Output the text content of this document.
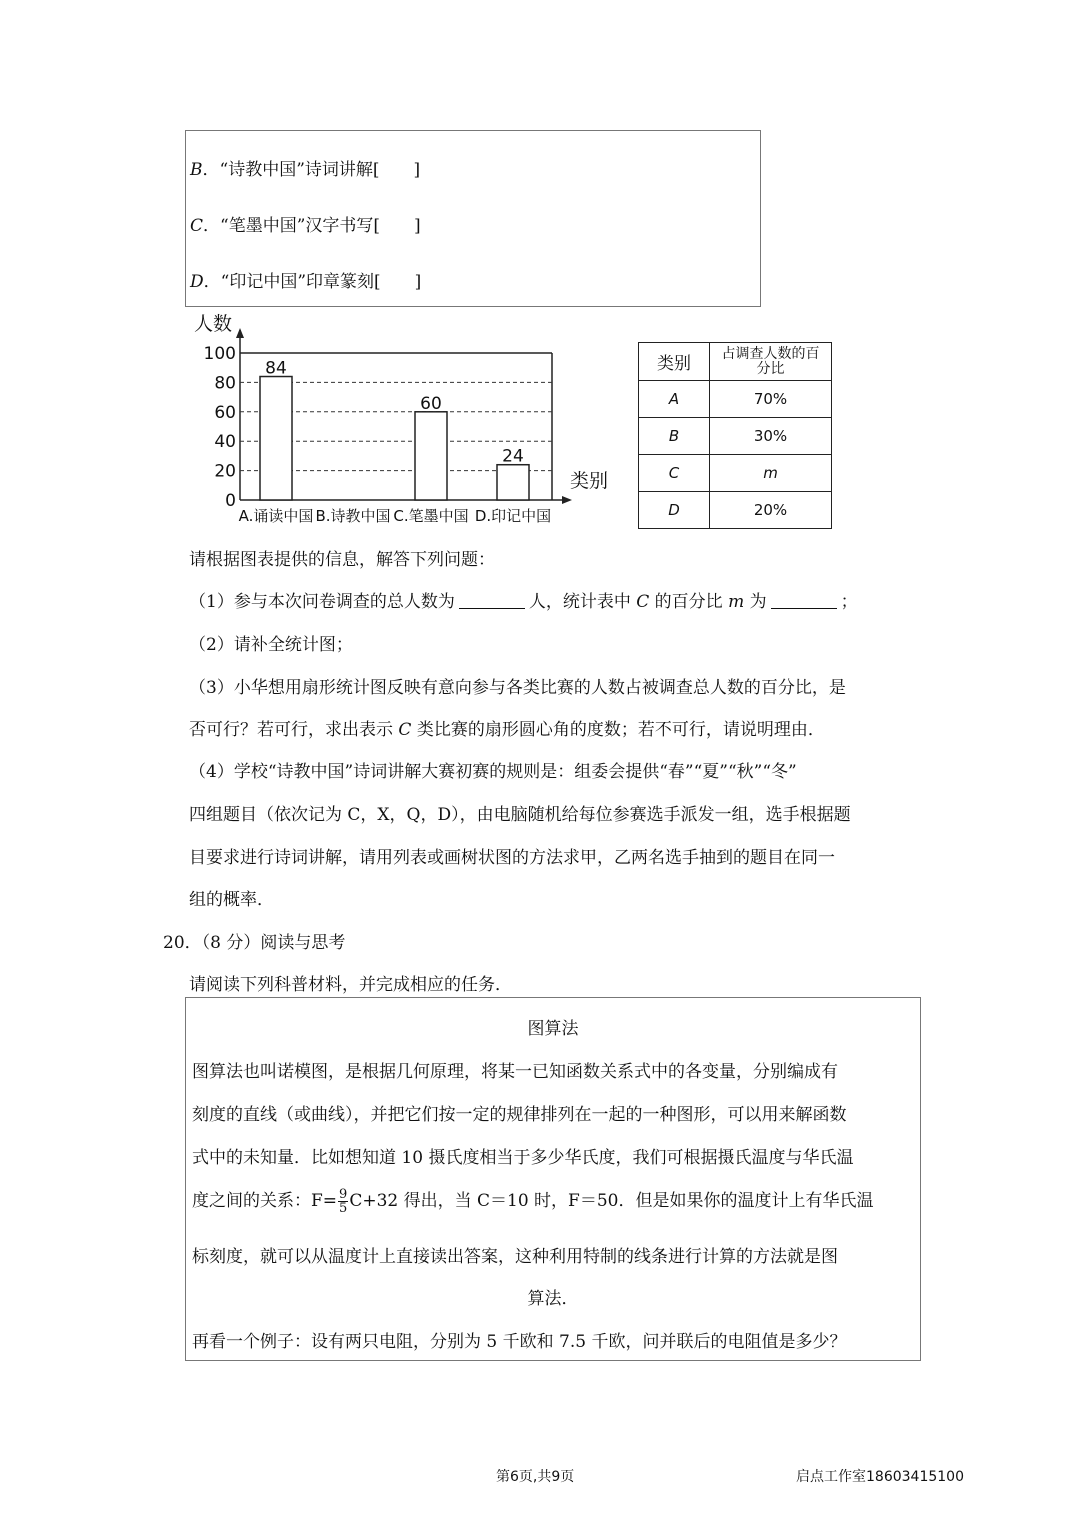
B．“诗教中国”诗词讲解[　　]
C．“笔墨中国”汉字书写[　　]
D．“印记中国”印章篆刻[　　]
0
20
40
60
80
100
人数
类别
84
A.诵读中国 B.诗教中国
60
C.笔墨中国
24
D.印记中国
类别	占调查人数的百分比
A	70%
B	30%
C	m
D	20%
请根据图表提供的信息，解答下列问题：
（1）参与本次问卷调查的总人数为	人，统计表中 C 的百分比 m 为	；
（2）请补全统计图；
（3）小华想用扇形统计图反映有意向参与各类比赛的人数占被调查总人数的百分比，是
否可行？若可行，求出表示 C 类比赛的扇形圆心角的度数；若不可行，请说明理由．
（4）学校“诗教中国”诗词讲解大赛初赛的规则是：组委会提供“春”“夏”“秋”“冬”
四组题目（依次记为 C，X，Q，D），由电脑随机给每位参赛选手派发一组，选手根据题
目要求进行诗词讲解，请用列表或画树状图的方法求甲，乙两名选手抽到的题目在同一
组的概率．
20．（8 分）阅读与思考
请阅读下列科普材料，并完成相应的任务．
图算法
图算法也叫诺模图，是根据几何原理，将某一已知函数关系式中的各变量，分别编成有
刻度的直线（或曲线），并把它们按一定的规律排列在一起的一种图形，可以用来解函数
式中的未知量．比如想知道 10 摄氏度相当于多少华氏度，我们可根据摄氏温度与华氏温
度之间的关系：$F= \frac{9}{5} C+32$ 得出，当 C＝10 时，F＝50．但是如果你的温度计上有华氏温
标刻度，就可以从温度计上直接读出答案，这种利用特制的线条进行计算的方法就是图
算法．
再看一个例子：设有两只电阻，分别为 5 千欧和 7.5 千欧，问并联后的电阻值是多少？
第6页,共9页	启点工作室18603415100
